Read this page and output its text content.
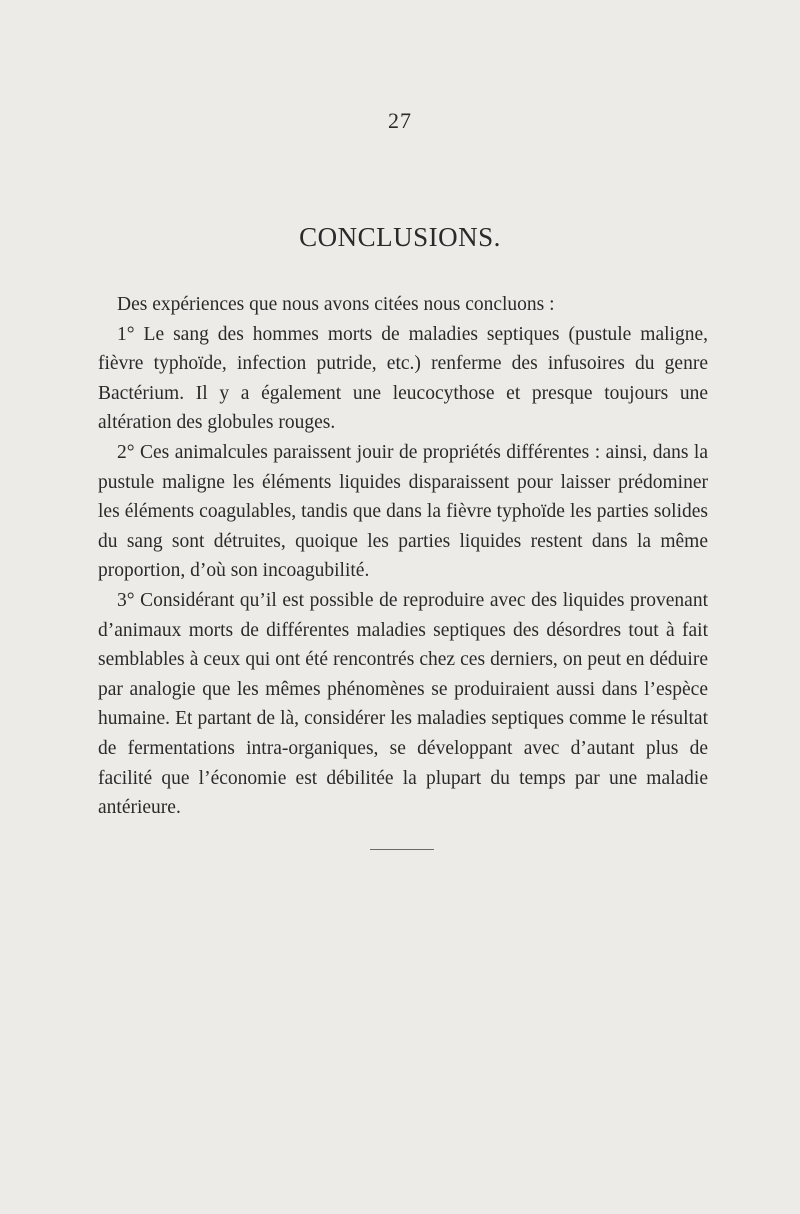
27
CONCLUSIONS.

Des expériences que nous avons citées nous concluons :

1° Le sang des hommes morts de maladies septiques (pustule maligne, fièvre typhoïde, infection putride, etc.) renferme des infusoires du genre Bactérium. Il y a également une leucocythose et presque toujours une altération des globules rouges.

2° Ces animalcules paraissent jouir de propriétés différentes : ainsi, dans la pustule maligne les éléments liquides disparaissent pour laisser prédominer les éléments coagulables, tandis que dans la fièvre typhoïde les parties solides du sang sont détruites, quoique les parties liquides restent dans la même proportion, d’où son incoagubilité.

3° Considérant qu’il est possible de reproduire avec des liquides provenant d’animaux morts de différentes maladies septiques des désordres tout à fait semblables à ceux qui ont été rencontrés chez ces derniers, on peut en déduire par analogie que les mêmes phénomènes se produiraient aussi dans l’espèce humaine. Et partant de là, considérer les maladies septiques comme le résultat de fermentations intra-organiques, se développant avec d’autant plus de facilité que l’économie est débilitée la plupart du temps par une maladie antérieure.
